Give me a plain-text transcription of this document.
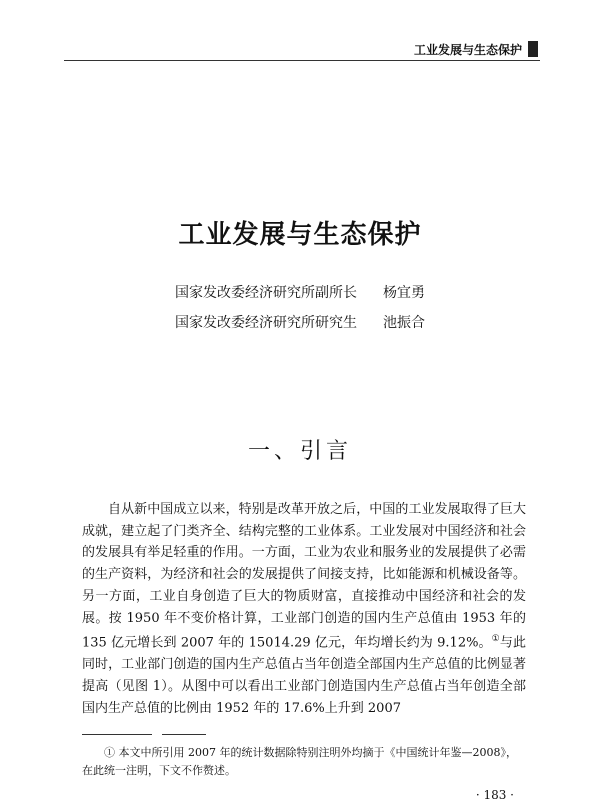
工业发展与生态保护
工业发展与生态保护
国家发改委经济研究所副所长 杨宜勇
国家发改委经济研究所研究生 池振合
一、引言

自从新中国成立以来，特别是改革开放之后，中国的工业发展取得了巨大成就，建立起了门类齐全、结构完整的工业体系。工业发展对中国经济和社会的发展具有举足轻重的作用。一方面，工业为农业和服务业的发展提供了必需的生产资料，为经济和社会的发展提供了间接支持，比如能源和机械设备等。另一方面，工业自身创造了巨大的物质财富，直接推动中国经济和社会的发展。按 1950 年不变价格计算，工业部门创造的国内生产总值由 1953 年的 135 亿元增长到 2007 年的 15014.29 亿元，年均增长约为 9.12%。①与此同时，工业部门创造的国内生产总值占当年创造全部国内生产总值的比例显著提高（见图 1）。从图中可以看出工业部门创造国内生产总值占当年创造全部国内生产总值的比例由 1952 年的 17.6%上升到 2007

① 本文中所引用 2007 年的统计数据除特别注明外均摘于《中国统计年鉴—2008》，在此统一注明，下文不作赘述。

· 183 ·
